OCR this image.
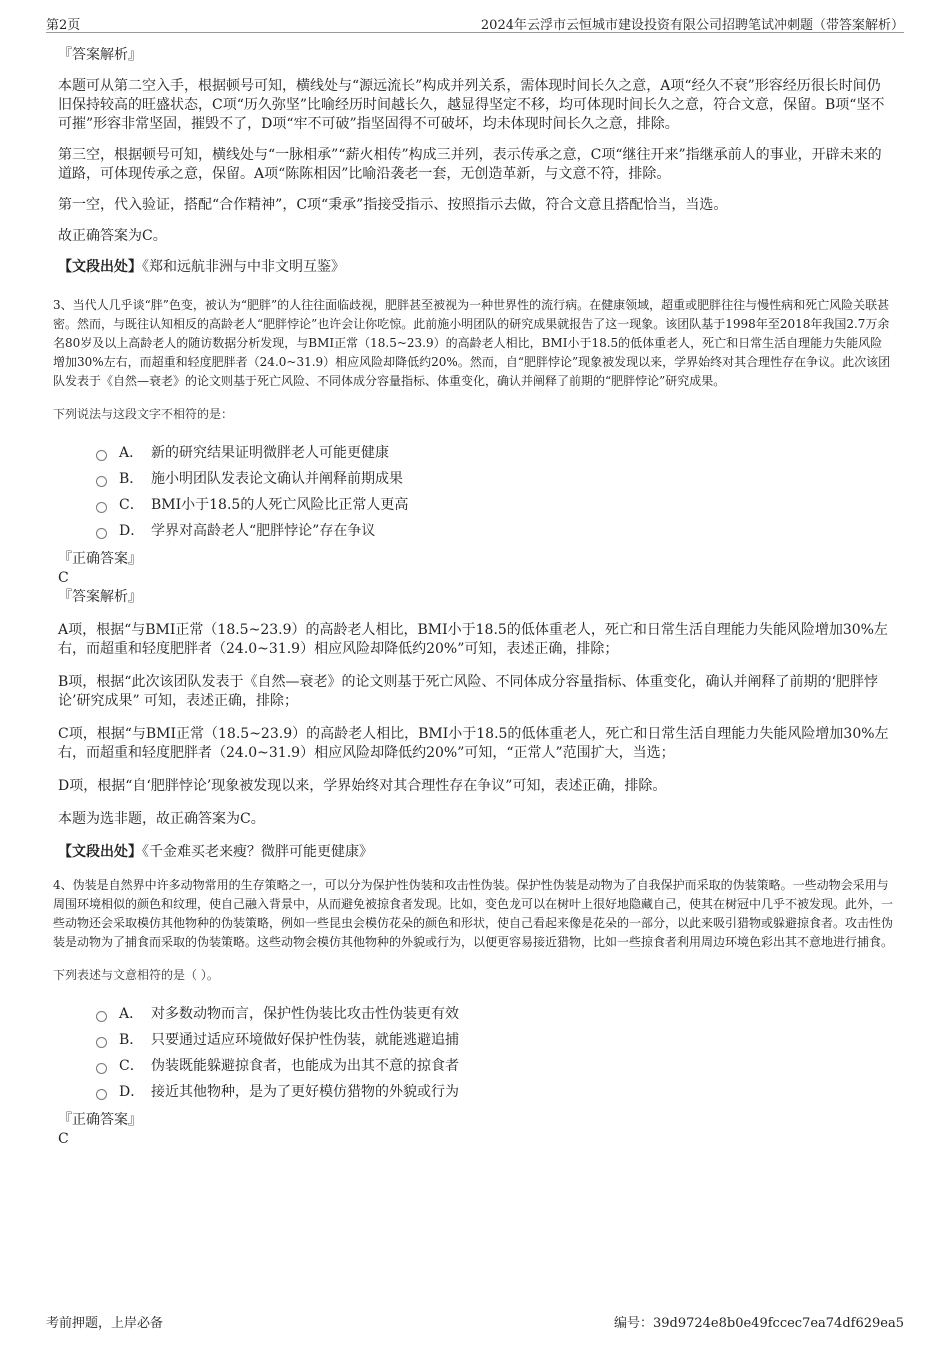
第2页	2024年云浮市云恒城市建设投资有限公司招聘笔试冲刺题（带答案解析）

『答案解析』

本题可从第二空入手，根据顿号可知，横线处与“源远流长”构成并列关系，需体现时间长久之意，A项“经久不衰”形容经历很长时间仍旧保持较高的旺盛状态，C项“历久弥坚”比喻经历时间越长久，越显得坚定不移，均可体现时间长久之意，符合文意，保留。B项“坚不可摧”形容非常坚固，摧毁不了，D项“牢不可破”指坚固得不可破坏，均未体现时间长久之意，排除。

第三空，根据顿号可知，横线处与“一脉相承”“薪火相传”构成三并列，表示传承之意，C项“继往开来”指继承前人的事业，开辟未来的道路，可体现传承之意，保留。A项“陈陈相因”比喻沿袭老一套，无创造革新，与文意不符，排除。

第一空，代入验证，搭配“合作精神”，C项“秉承”指接受指示、按照指示去做，符合文意且搭配恰当，当选。

故正确答案为C。

【文段出处】《郑和远航非洲与中非文明互鉴》

3、当代人几乎谈“胖”色变，被认为“肥胖”的人往往面临歧视，肥胖甚至被视为一种世界性的流行病。在健康领域，超重或肥胖往往与慢性病和死亡风险关联甚密。然而，与既往认知相反的高龄老人“肥胖悖论”也许会让你吃惊。此前施小明团队的研究成果就报告了这一现象。该团队基于1998年至2018年我国2.7万余名80岁及以上高龄老人的随访数据分析发现，与BMI正常（18.5~23.9）的高龄老人相比，BMI小于18.5的低体重老人，死亡和日常生活自理能力失能风险增加30%左右，而超重和轻度肥胖者（24.0~31.9）相应风险却降低约20%。然而，自“肥胖悖论”现象被发现以来，学界始终对其合理性存在争议。此次该团队发表于《自然—衰老》的论文则基于死亡风险、不同体成分容量指标、体重变化，确认并阐释了前期的“肥胖悖论”研究成果。

下列说法与这段文字不相符的是：

A． 新的研究结果证明微胖老人可能更健康
B． 施小明团队发表论文确认并阐释前期成果
C． BMI小于18.5的人死亡风险比正常人更高
D． 学界对高龄老人“肥胖悖论”存在争议

『正确答案』

C

『答案解析』

A项，根据“与BMI正常（18.5~23.9）的高龄老人相比，BMI小于18.5的低体重老人，死亡和日常生活自理能力失能风险增加30%左右，而超重和轻度肥胖者（24.0~31.9）相应风险却降低约20%”可知，表述正确，排除；

B项，根据“此次该团队发表于《自然—衰老》的论文则基于死亡风险、不同体成分容量指标、体重变化，确认并阐释了前期的‘肥胖悖论’研究成果” 可知，表述正确，排除；

C项，根据“与BMI正常（18.5~23.9）的高龄老人相比，BMI小于18.5的低体重老人，死亡和日常生活自理能力失能风险增加30%左右，而超重和轻度肥胖者（24.0~31.9）相应风险却降低约20%”可知，“正常人”范围扩大，当选；

D项，根据“自‘肥胖悖论’现象被发现以来，学界始终对其合理性存在争议”可知，表述正确，排除。

本题为选非题，故正确答案为C。

【文段出处】《千金难买老来瘦？微胖可能更健康》

4、伪装是自然界中许多动物常用的生存策略之一，可以分为保护性伪装和攻击性伪装。保护性伪装是动物为了自我保护而采取的伪装策略。一些动物会采用与周围环境相似的颜色和纹理，使自己融入背景中，从而避免被掠食者发现。比如，变色龙可以在树叶上很好地隐藏自己，使其在树冠中几乎不被发现。此外，一些动物还会采取模仿其他物种的伪装策略，例如一些昆虫会模仿花朵的颜色和形状，使自己看起来像是花朵的一部分，以此来吸引猎物或躲避掠食者。攻击性伪装是动物为了捕食而采取的伪装策略。这些动物会模仿其他物种的外貌或行为，以便更容易接近猎物，比如一些掠食者利用周边环境色彩出其不意地进行捕食。

下列表述与文意相符的是（ ）。

A． 对多数动物而言，保护性伪装比攻击性伪装更有效
B． 只要通过适应环境做好保护性伪装，就能逃避追捕
C． 伪装既能躲避掠食者，也能成为出其不意的掠食者
D． 接近其他物种，是为了更好模仿猎物的外貌或行为

『正确答案』

C

考前押题，上岸必备	编号：39d9724e8b0e49fccec7ea74df629ea5
